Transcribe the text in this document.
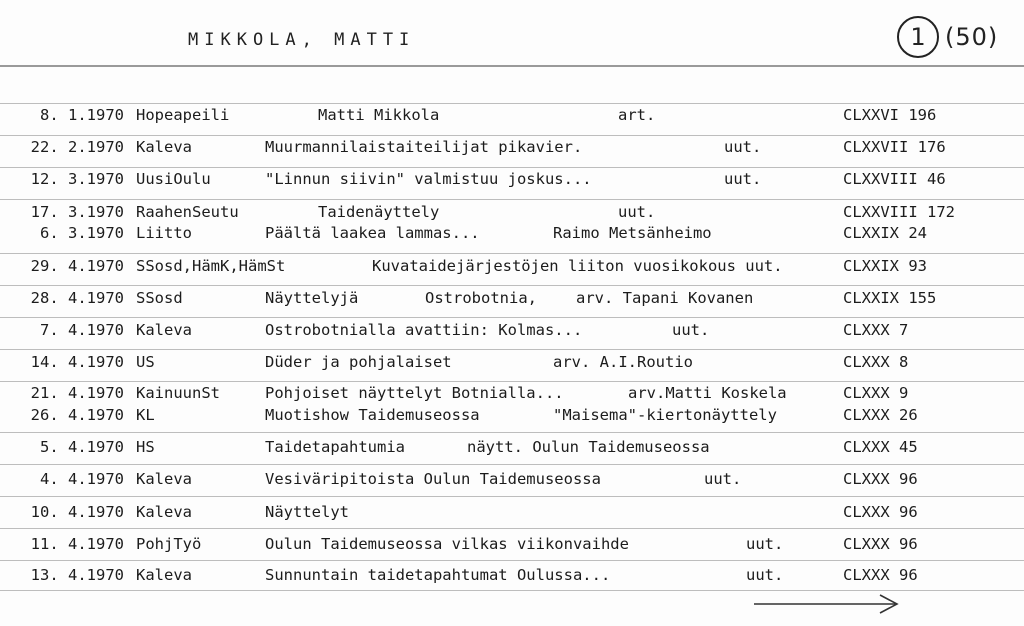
MIKKOLA, MATTI	1 (50)
8. 1.1970 Hopeapeili	Matti Mikkola	art.	CLXXVI 196
22. 2.1970 Kaleva	Muurmannilaistaiteilijat pikavier.	uut.	CLXXVII 176
12. 3.1970 UusiOulu	"Linnun siivin" valmistuu joskus...	uut.	CLXXVIII 46
17. 3.1970 RaahenSeutu	Taidenäyttely	uut.	CLXXVIII 172
6. 3.1970 Liitto	Päältä laakea lammas...	Raimo Metsänheimo	CLXXIX 24
29. 4.1970 SSosd,HämK,HämSt	Kuvataidejärjestöjen liiton vuosikokous uut.	CLXXIX 93
28. 4.1970 SSosd	Näyttelyjä	Ostrobotnia,	arv. Tapani Kovanen	CLXXIX 155
7. 4.1970 Kaleva	Ostrobotnialla avattiin: Kolmas...	uut.	CLXXX 7
14. 4.1970 US	Düder ja pohjalaiset	arv. A.I.Routio	CLXXX 8
21. 4.1970 KainuunSt	Pohjoiset näyttelyt Botnialla...	arv.Matti Koskela	CLXXX 9
26. 4.1970 KL	Muotishow Taidemuseossa	"Maisema"-kiertonäyttely	CLXXX 26
5. 4.1970 HS	Taidetapahtumia	näytt. Oulun Taidemuseossa	CLXXX 45
4. 4.1970 Kaleva	Vesiväripitoista Oulun Taidemuseossa	uut.	CLXXX 96
10. 4.1970 Kaleva	Näyttelyt	CLXXX 96
11. 4.1970 PohjTyö	Oulun Taidemuseossa vilkas viikonvaihde	uut.	CLXXX 96
13. 4.1970 Kaleva	Sunnuntain taidetapahtumat Oulussa...	uut.	CLXXX 96
